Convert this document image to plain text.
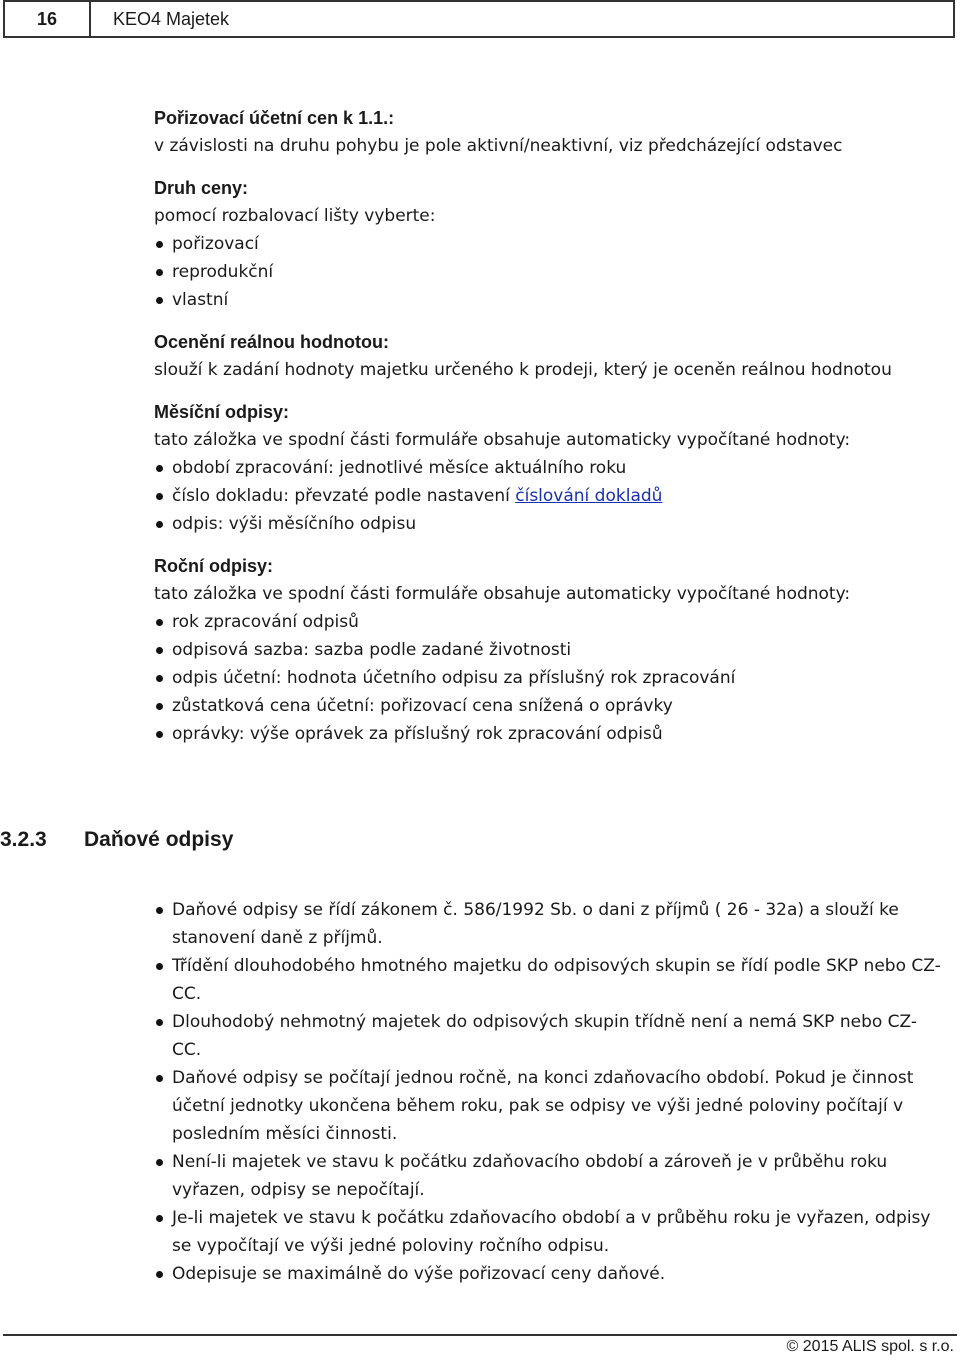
16	KEO4 Majetek

Pořizovací účetní cen k 1.1.:

v závislosti na druhu pohybu je pole aktivní/neaktivní, viz předcházející odstavec

Druh ceny:

pomocí rozbalovací lišty vyberte:

pořizovací
reprodukční
vlastní

Ocenění reálnou hodnotou:

slouží k zadání hodnoty majetku určeného k prodeji, který je oceněn reálnou hodnotou

Měsíční odpisy:

tato záložka ve spodní části formuláře obsahuje automaticky vypočítané hodnoty:

období zpracování: jednotlivé měsíce aktuálního roku
číslo dokladu: převzaté podle nastavení číslování dokladů
odpis: výši měsíčního odpisu

Roční odpisy:

tato záložka ve spodní části formuláře obsahuje automaticky vypočítané hodnoty:

rok zpracování odpisů
odpisová sazba: sazba podle zadané životnosti
odpis účetní: hodnota účetního odpisu za příslušný rok zpracování
zůstatková cena účetní: pořizovací cena snížená o oprávky
oprávky: výše oprávek za příslušný rok zpracování odpisů
3.2.3 Daňové odpisy
Daňové odpisy se řídí zákonem č. 586/1992 Sb. o dani z příjmů ( 26 - 32a) a slouží ke stanovení daně z příjmů.
Třídění dlouhodobého hmotného majetku do odpisových skupin se řídí podle SKP nebo CZ-CC.
Dlouhodobý nehmotný majetek do odpisových skupin třídně není a nemá SKP nebo CZ-CC.
Daňové odpisy se počítají jednou ročně, na konci zdaňovacího období. Pokud je činnost účetní jednotky ukončena během roku, pak se odpisy ve výši jedné poloviny počítají v posledním měsíci činnosti.
Není-li majetek ve stavu k počátku zdaňovacího období a zároveň je v průběhu roku vyřazen, odpisy se nepočítají.
Je-li majetek ve stavu k počátku zdaňovacího období a v průběhu roku je vyřazen, odpisy se vypočítají ve výši jedné poloviny ročního odpisu.
Odepisuje se maximálně do výše pořizovací ceny daňové.
© 2015 ALIS spol. s r.o.
